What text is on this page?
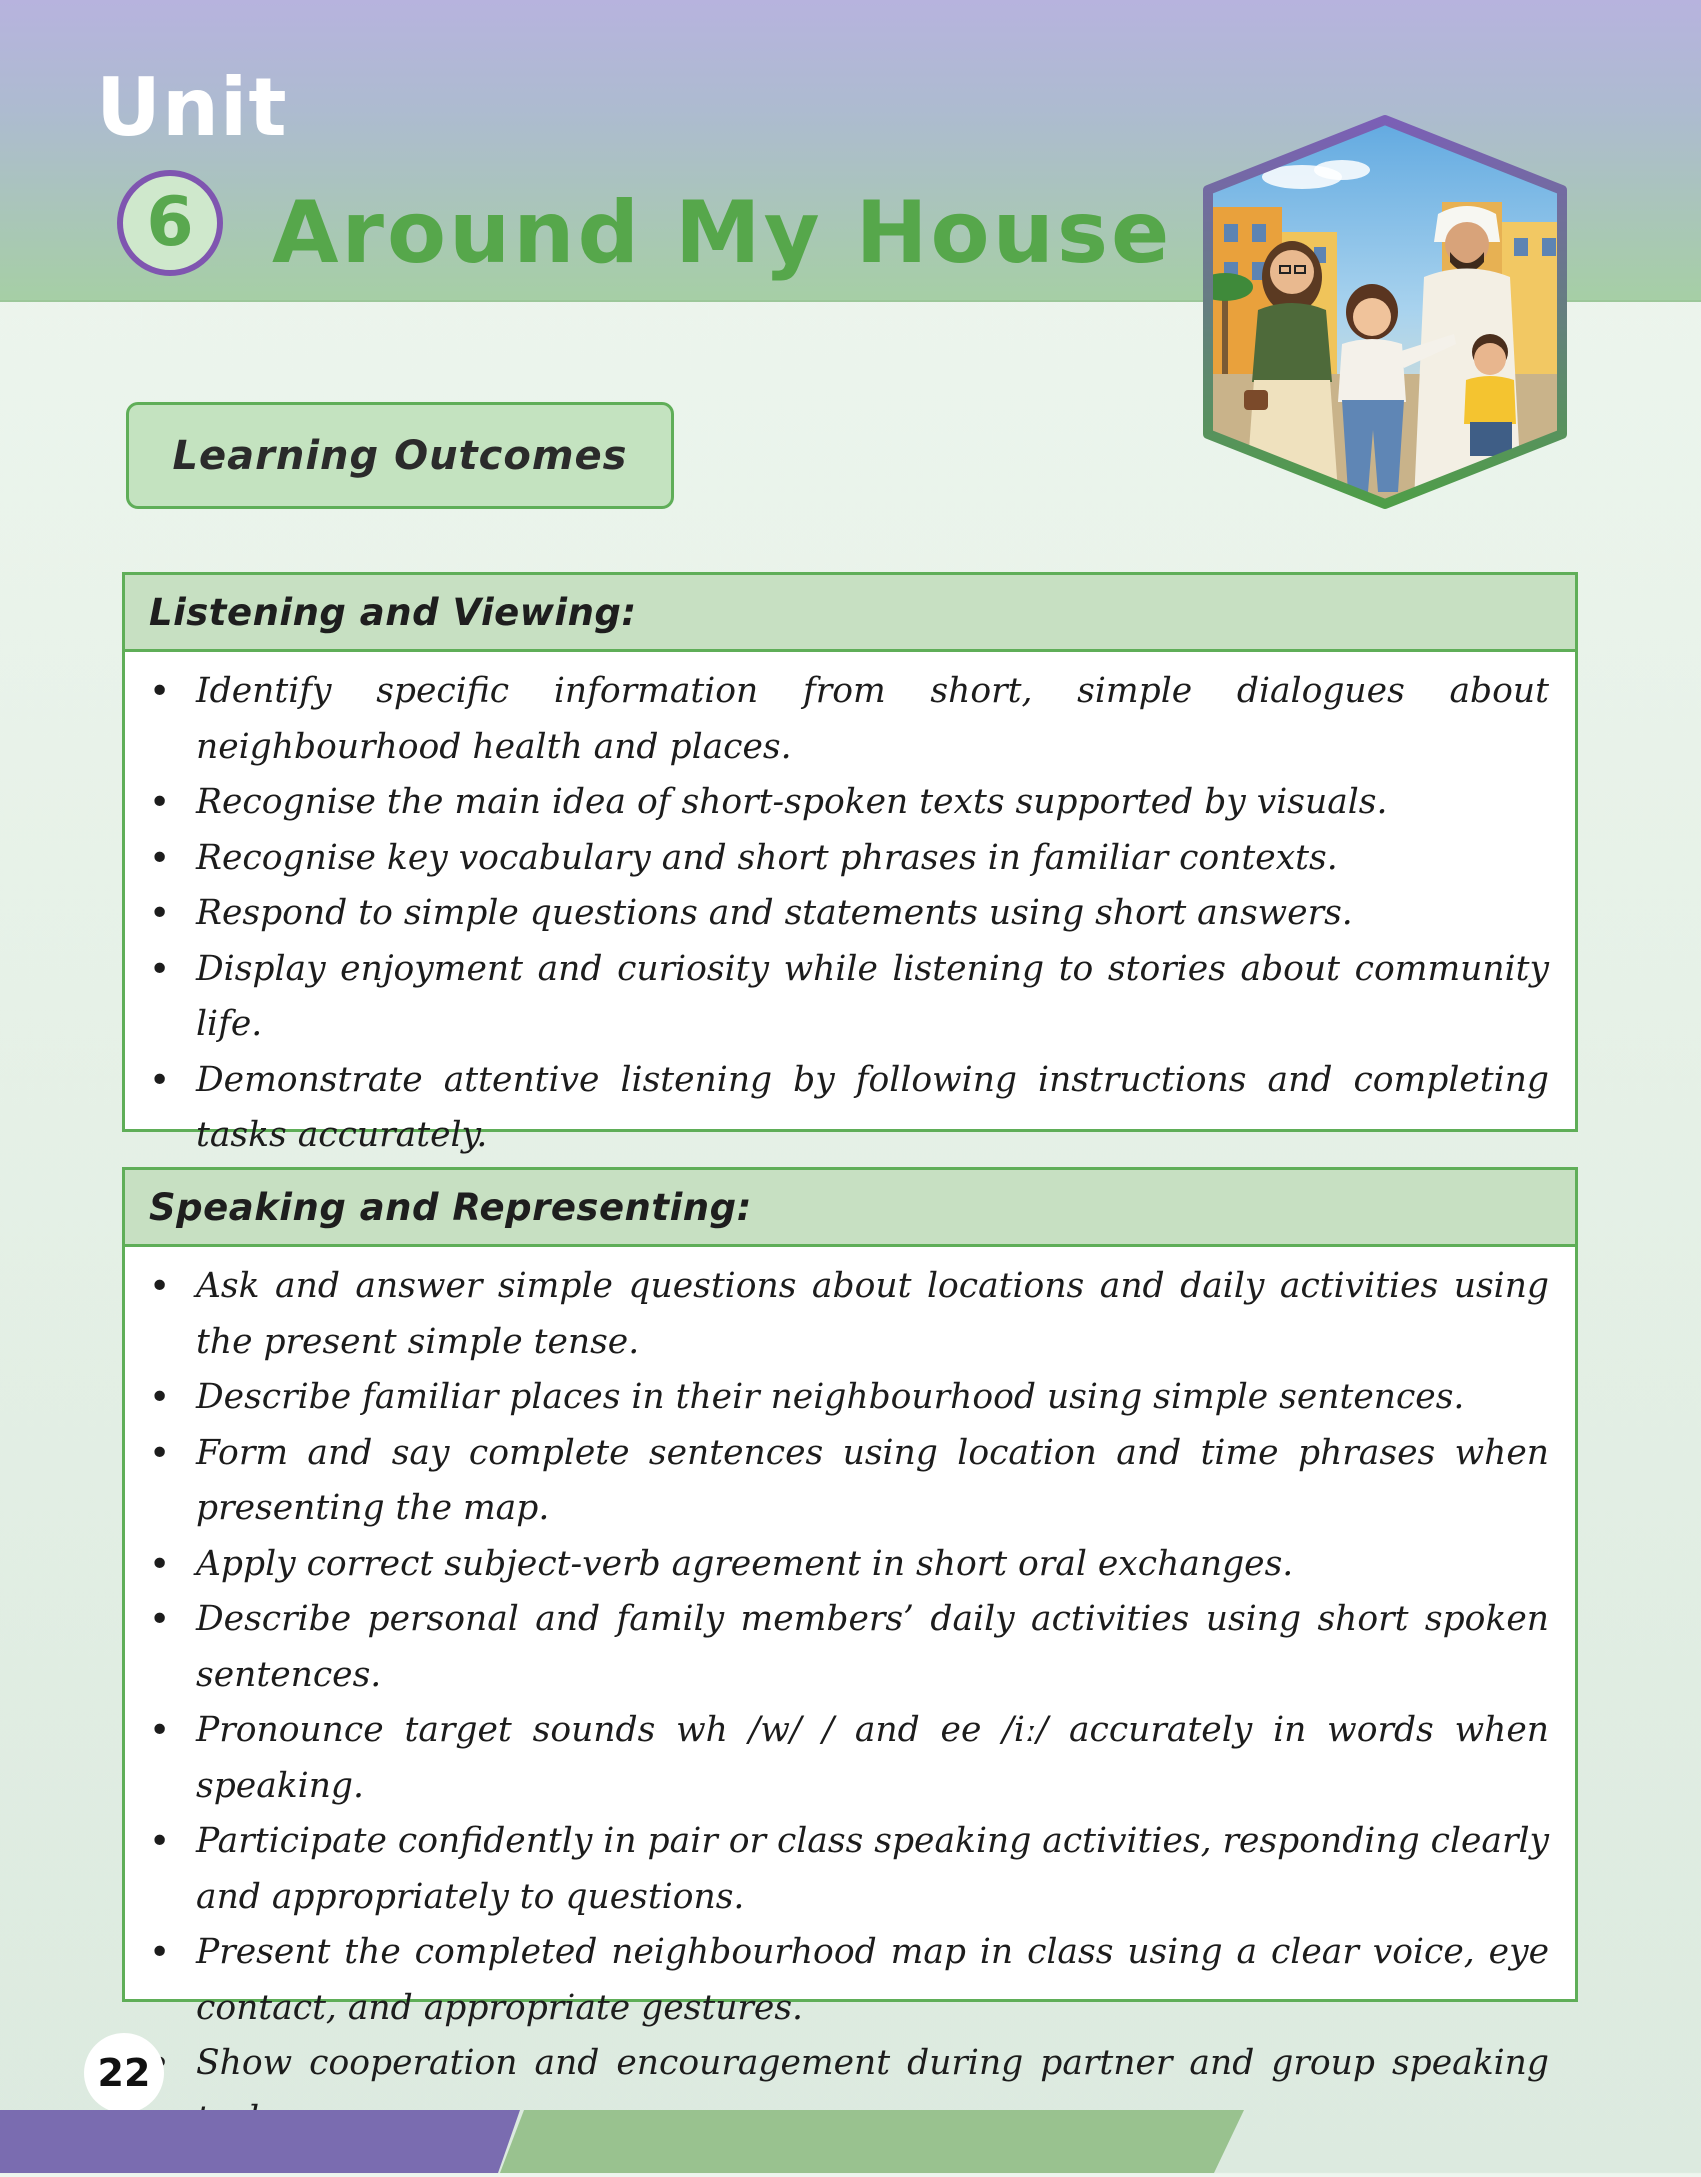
Unit
6 Around My House
Learning Outcomes
Listening and Viewing:
• Identify specific information from short, simple dialogues about neighbourhood health and places.
• Recognise the main idea of short-spoken texts supported by visuals.
• Recognise key vocabulary and short phrases in familiar contexts.
• Respond to simple questions and statements using short answers.
• Display enjoyment and curiosity while listening to stories about community life.
• Demonstrate attentive listening by following instructions and completing tasks accurately.
Speaking and Representing:
• Ask and answer simple questions about locations and daily activities using the present simple tense.
• Describe familiar places in their neighbourhood using simple sentences.
• Form and say complete sentences using location and time phrases when presenting the map.
• Apply correct subject-verb agreement in short oral exchanges.
• Describe personal and family members’ daily activities using short spoken sentences.
• Pronounce target sounds wh /w/ / and ee /iː/ accurately in words when speaking.
• Participate confidently in pair or class speaking activities, responding clearly and appropriately to questions.
• Present the completed neighbourhood map in class using a clear voice, eye contact, and appropriate gestures.
• Show cooperation and encouragement during partner and group speaking
22
